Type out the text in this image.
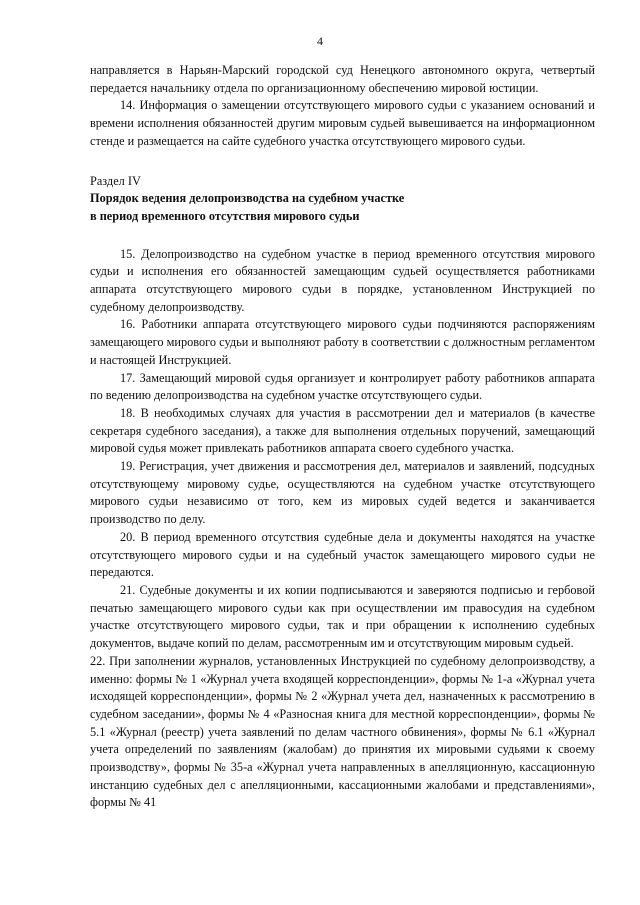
4

направляется в Нарьян-Марский городской суд Ненецкого автономного округа, четвертый передается начальнику отдела по организационному обеспечению мировой юстиции.

14. Информация о замещении отсутствующего мирового судьи с указанием оснований и времени исполнения обязанностей другим мировым судьей вывешивается на информационном стенде и размещается на сайте судебного участка отсутствующего мирового судьи.

Раздел IV

Порядок ведения делопроизводства на судебном участке

в период временного отсутствия мирового судьи

15. Делопроизводство на судебном участке в период временного отсутствия мирового судьи и исполнения его обязанностей замещающим судьей осуществляется работниками аппарата отсутствующего мирового судьи в порядке, установленном Инструкцией по судебному делопроизводству.

16. Работники аппарата отсутствующего мирового судьи подчиняются распоряжениям замещающего мирового судьи и выполняют работу в соответствии с должностным регламентом и настоящей Инструкцией.

17. Замещающий мировой судья организует и контролирует работу работников аппарата по ведению делопроизводства на судебном участке отсутствующего судьи.

18. В необходимых случаях для участия в рассмотрении дел и материалов (в качестве секретаря судебного заседания), а также для выполнения отдельных поручений, замещающий мировой судья может привлекать работников аппарата своего судебного участка.

19. Регистрация, учет движения и рассмотрения дел, материалов и заявлений, подсудных отсутствующему мировому судье, осуществляются на судебном участке отсутствующего мирового судьи независимо от того, кем из мировых судей ведется и заканчивается производство по делу.

20. В период временного отсутствия судебные дела и документы находятся на участке отсутствующего мирового судьи и на судебный участок замещающего мирового судьи не передаются.

21. Судебные документы и их копии подписываются и заверяются подписью и гербовой печатью замещающего мирового судьи как при осуществлении им правосудия на судебном участке отсутствующего мирового судьи, так и при обращении к исполнению судебных документов, выдаче копий по делам, рассмотренным им и отсутствующим мировым судьей.

22. При заполнении журналов, установленных Инструкцией по судебному делопроизводству, а именно: формы № 1 «Журнал учета входящей корреспонденции», формы № 1-а «Журнал учета исходящей корреспонденции», формы № 2 «Журнал учета дел, назначенных к рассмотрению в судебном заседании», формы № 4 «Разносная книга для местной корреспонденции», формы № 5.1 «Журнал (реестр) учета заявлений по делам частного обвинения», формы № 6.1 «Журнал учета определений по заявлениям (жалобам) до принятия их мировыми судьями к своему производству», формы № 35-а «Журнал учета направленных в апелляционную, кассационную инстанцию судебных дел с апелляционными, кассационными жалобами и представлениями», формы № 41
